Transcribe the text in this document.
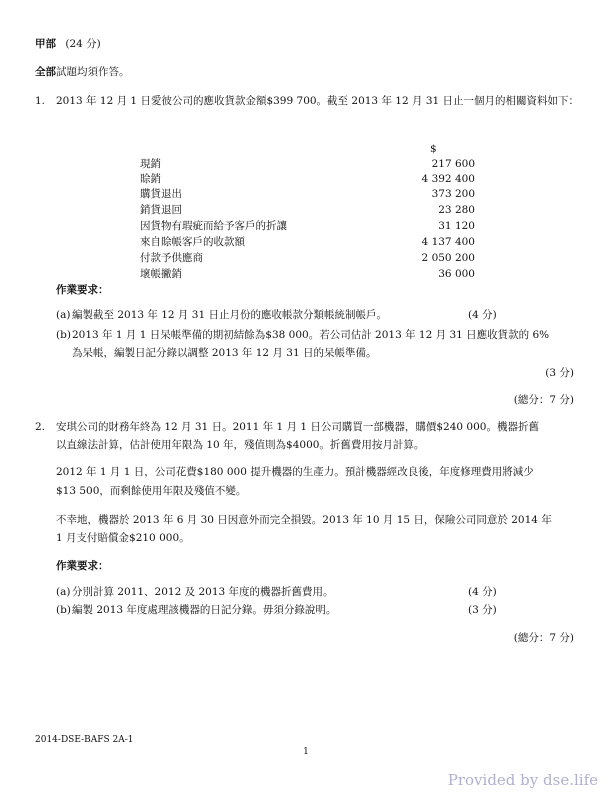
甲部 (24 分)
全部試題均須作答。
1. 2013 年 12 月 1 日愛彼公司的應收貨款金額$399 700。截至 2013 年 12 月 31 日止一個月的相關資料如下：
$
現銷	217 600
賒銷	4 392 400
購貨退出	373 200
銷貨退回	23 280
因貨物有瑕疵而給予客戶的折讓	31 120
來自賒帳客戶的收款額	4 137 400
付款予供應商	2 050 200
壞帳撇銷	36 000
作業要求：
(a) 編製截至 2013 年 12 月 31 日止月份的應收帳款分類帳統制帳戶。	(4 分)
(b) 2013 年 1 月 1 日呆帳準備的期初結餘為$38 000。若公司估計 2013 年 12 月 31 日應收貨款的 6%
為呆帳，編製日記分錄以調整 2013 年 12 月 31 日的呆帳準備。
(3 分)
(總分：7 分)
2. 安琪公司的財務年終為 12 月 31 日。2011 年 1 月 1 日公司購買一部機器，購價$240 000。機器折舊
以直線法計算，估計使用年限為 10 年，殘值則為$4000。折舊費用按月計算。
2012 年 1 月 1 日，公司花費$180 000 提升機器的生產力。預計機器經改良後，年度修理費用將減少
$13 500，而剩餘使用年限及殘值不變。
不幸地，機器於 2013 年 6 月 30 日因意外而完全損毀。2013 年 10 月 15 日，保險公司同意於 2014 年
1 月支付賠償金$210 000。
作業要求：
(a) 分別計算 2011、2012 及 2013 年度的機器折舊費用。	(4 分)
(b) 編製 2013 年度處理該機器的日記分錄。毋須分錄說明。	(3 分)
(總分：7 分)
2014-DSE-BAFS 2A-1
1
Provided by dse.life
